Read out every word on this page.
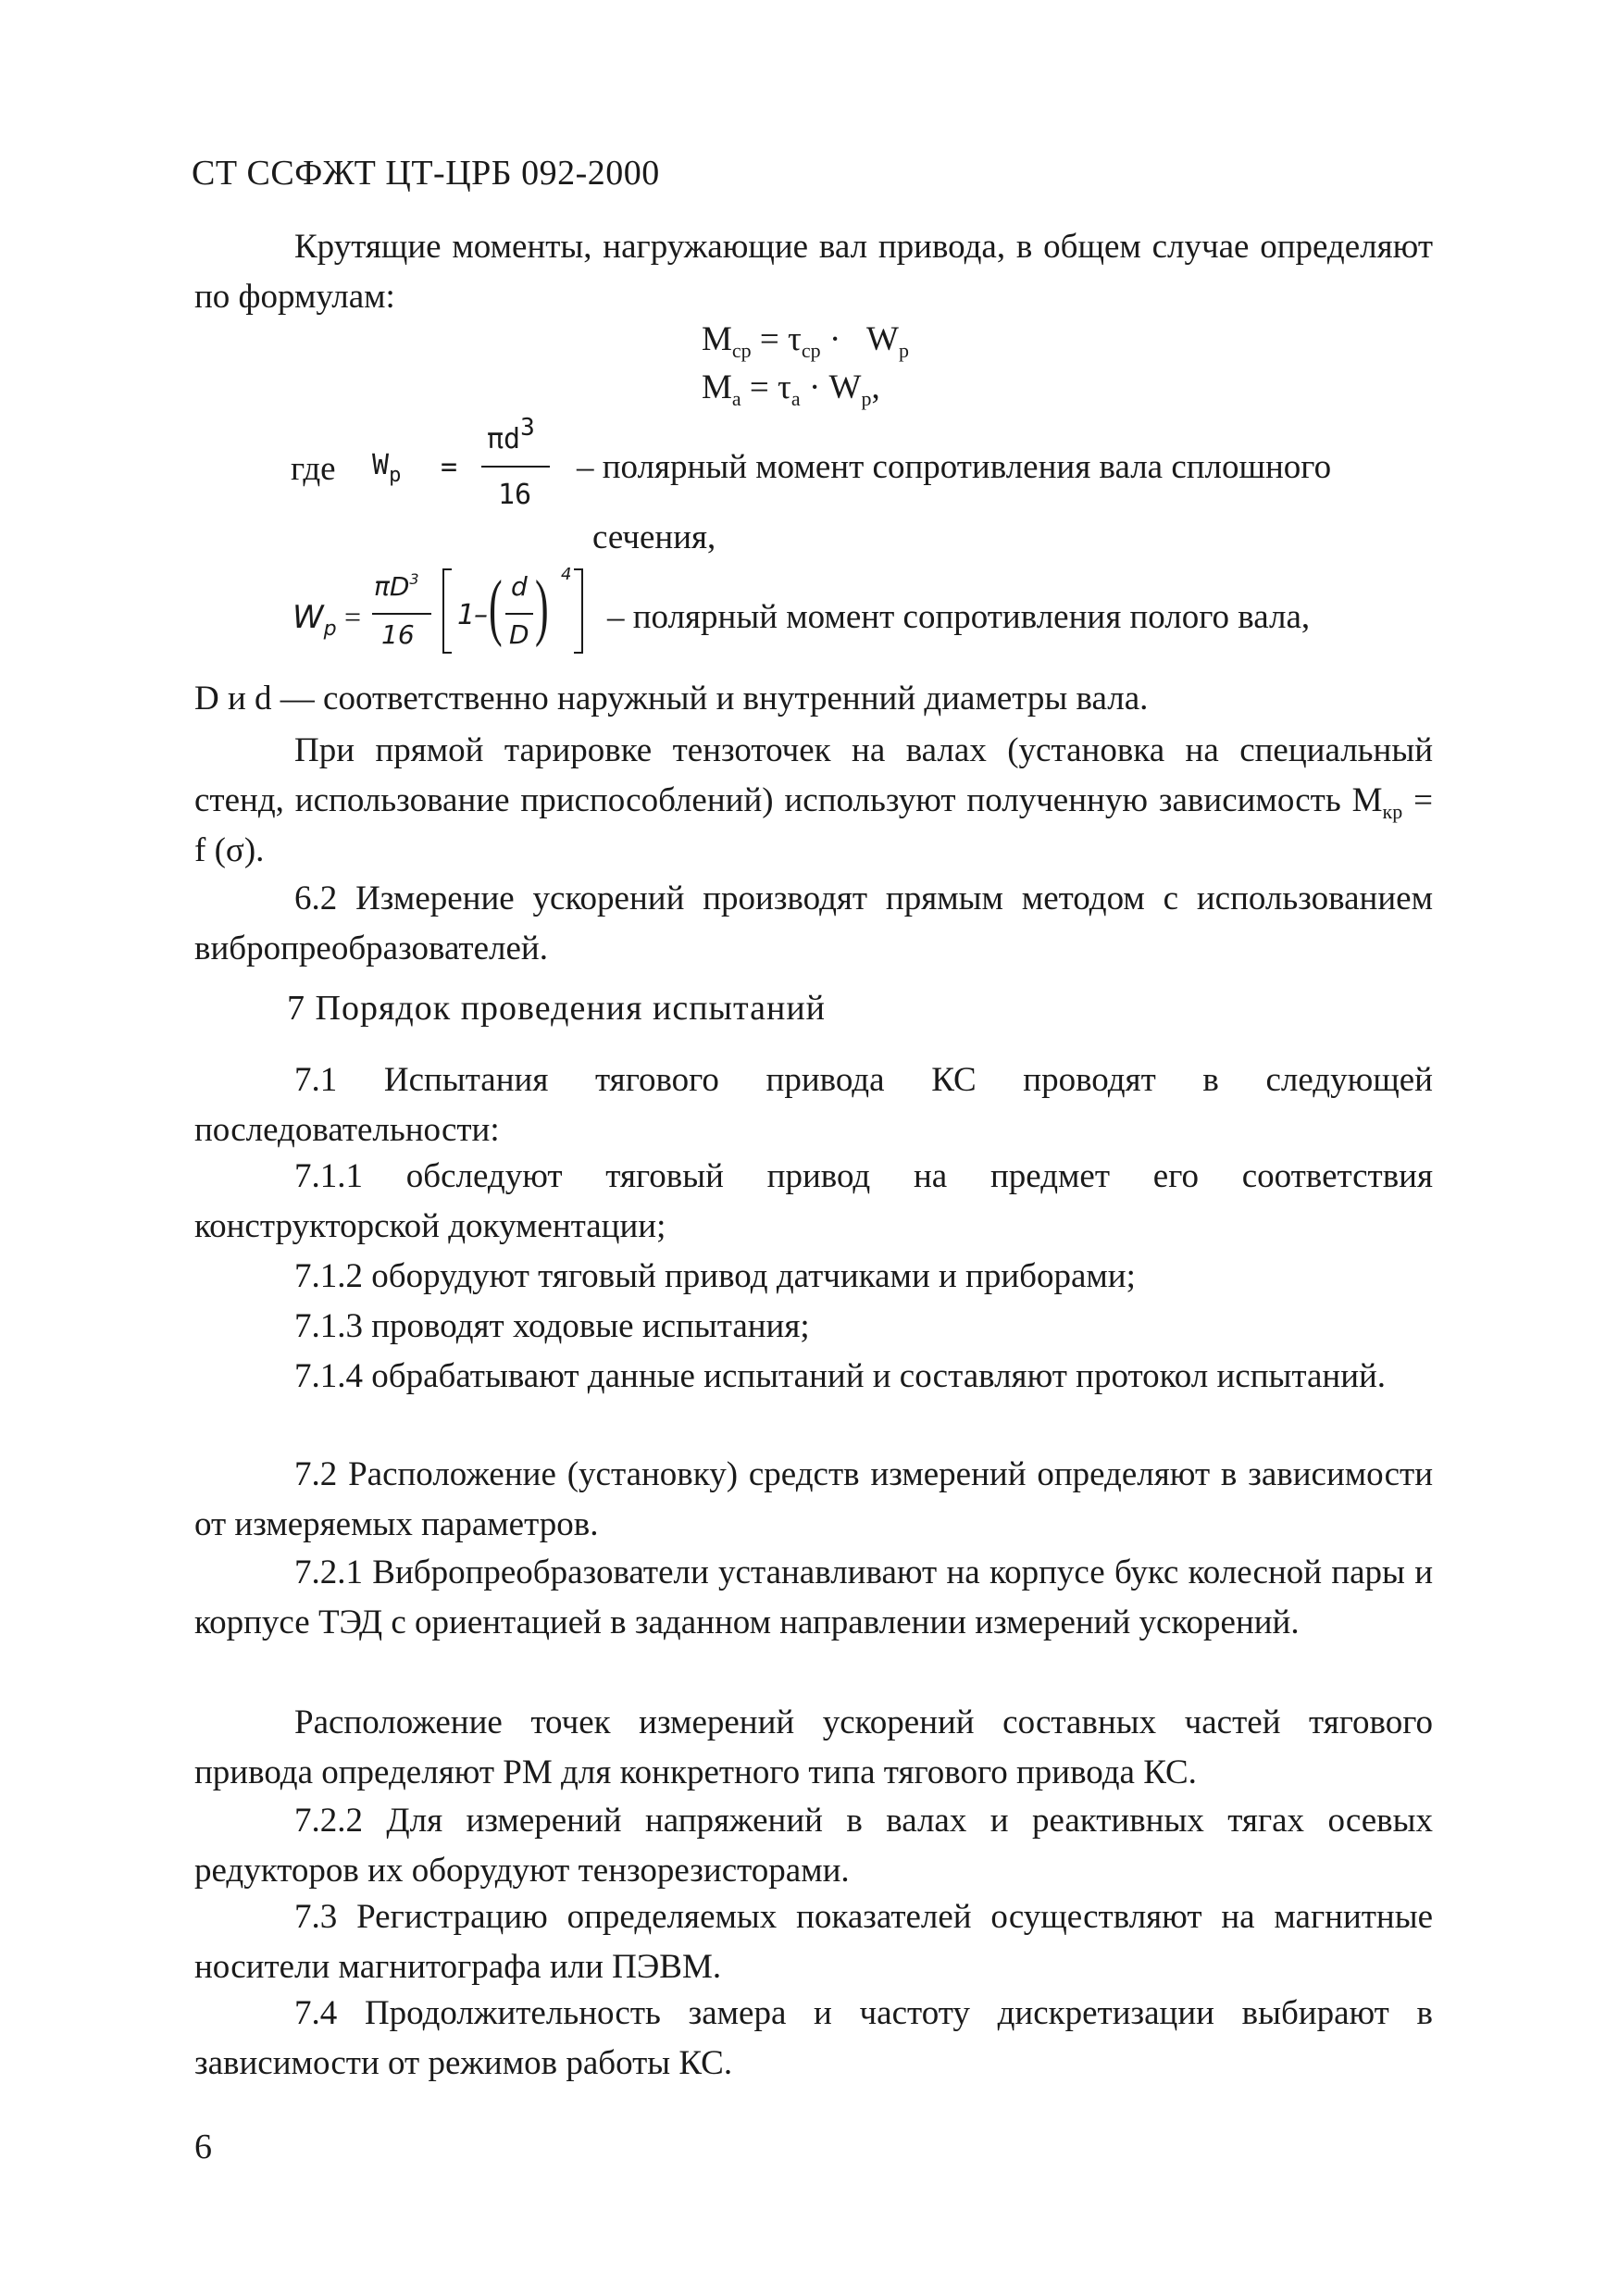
СТ ССФЖТ ЦТ-ЦРБ 092-2000
Крутящие моменты, нагружающие вал привода, в общем случае определяют по формулам:
$M_{ср} = \tau_{ср} \cdot W_р$
$M_а = \tau_а \cdot W_р$,
где $W_р$ =
$\pi d^3$
16
– полярный момент сопротивления вала сплошного
сечения,
$W_p$ =
$\pi D^3$
16
1
– ( d
D ) 4
– полярный момент сопротивления полого вала,
D и d — соответственно наружный и внутренний диаметры вала.
При прямой тарировке тензоточек на валах (установка на специальный стенд, использование приспособлений) используют полученную зависимость $M_{кр} = f$ (σ).
6.2 Измерение ускорений производят прямым методом с использованием вибропреобразователей.
7 Порядок проведения испытаний
7.1 Испытания тягового привода КС проводят в следующей последовательности:
7.1.1 обследуют тяговый привод на предмет его соответствия конструкторской документации;
7.1.2 оборудуют тяговый привод датчиками и приборами;
7.1.3 проводят ходовые испытания;
7.1.4 обрабатывают данные испытаний и составляют протокол испытаний.
7.2 Расположение (установку) средств измерений определяют в зависимости от измеряемых параметров.
7.2.1 Вибропреобразователи устанавливают на корпусе букс колесной пары и корпусе ТЭД с ориентацией в заданном направлении измерений ускорений.
Расположение точек измерений ускорений составных частей тягового привода определяют РМ для конкретного типа тягового привода КС.
7.2.2 Для измерений напряжений в валах и реактивных тягах осевых редукторов их оборудуют тензорезисторами.
7.3 Регистрацию определяемых показателей осуществляют на магнитные носители магнитографа или ПЭВМ.
7.4 Продолжительность замера и частоту дискретизации выбирают в зависимости от режимов работы КС.
6
